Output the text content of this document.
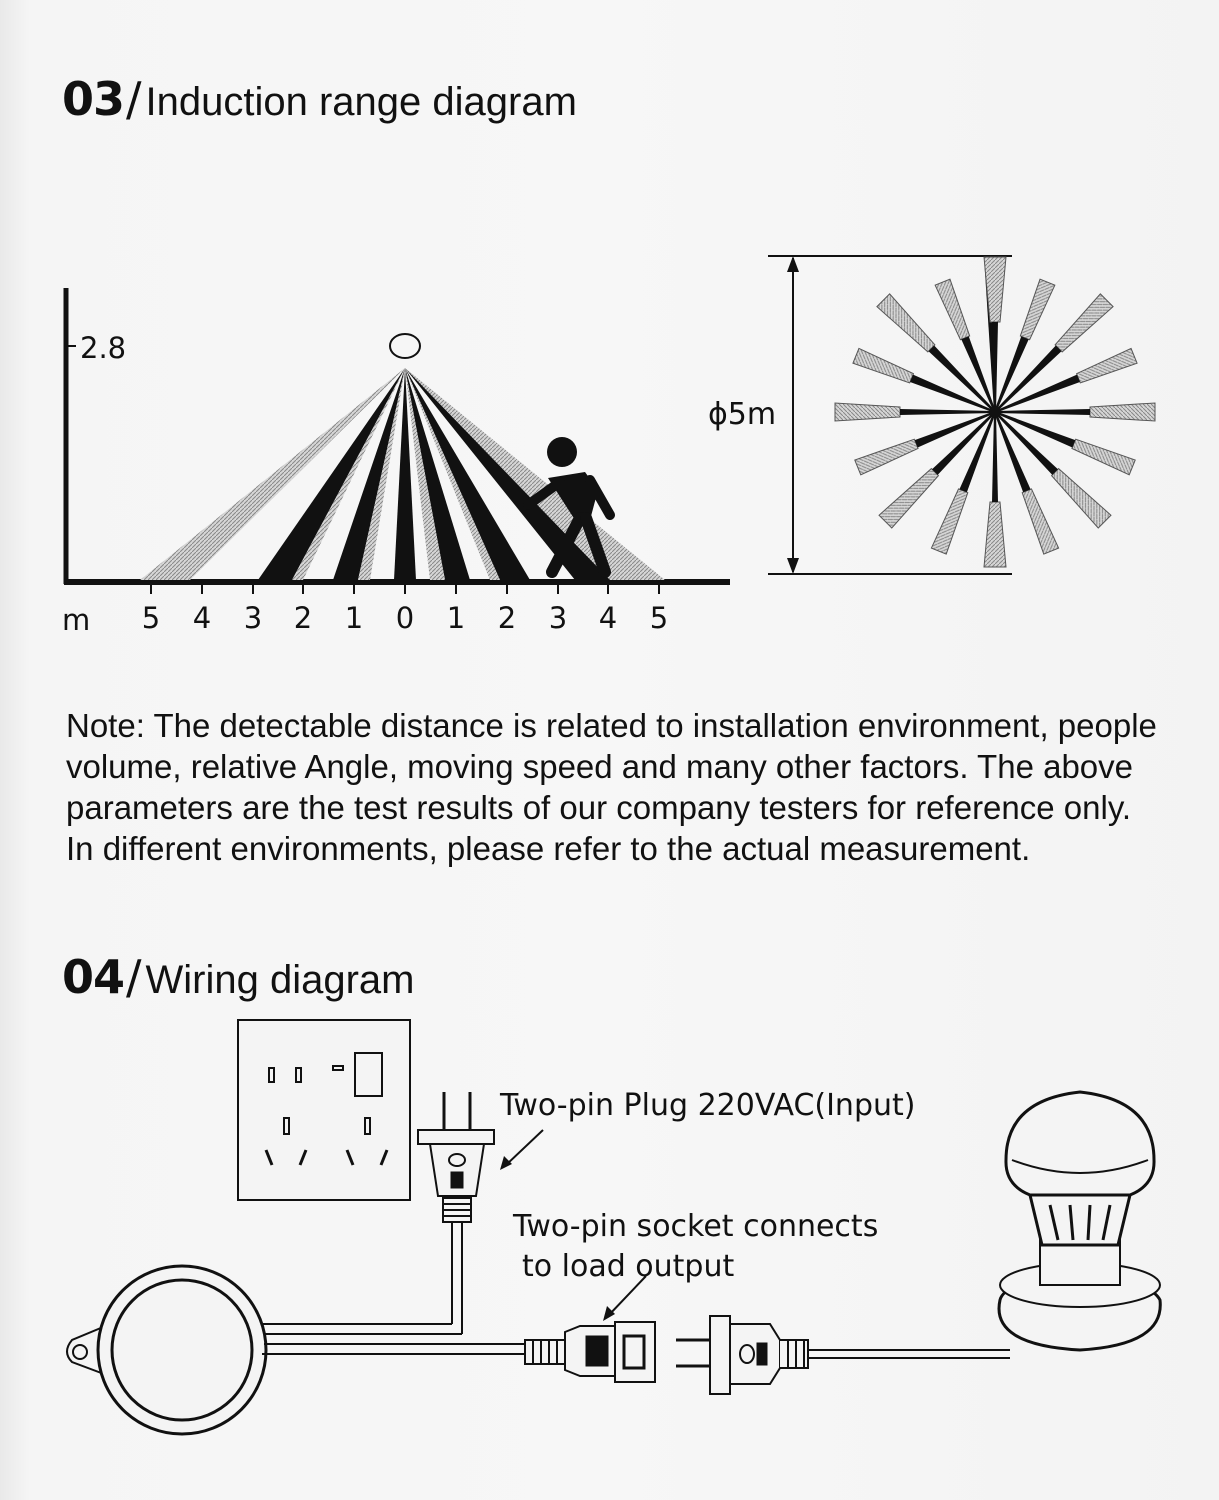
03 / Induction range diagram
2.8
m 5 4 3 2 1 0 1 2 3 4 5
ɸ5m
Two-pin Plug 220VAC(Input)
Two-pin socket connects
to load output

Note: The detectable distance is related to installation environment, people volume, relative Angle, moving speed and many other factors. The above parameters are the test results of our company testers for reference only. In different environments, please refer to the actual measurement.

04 / Wiring diagram
